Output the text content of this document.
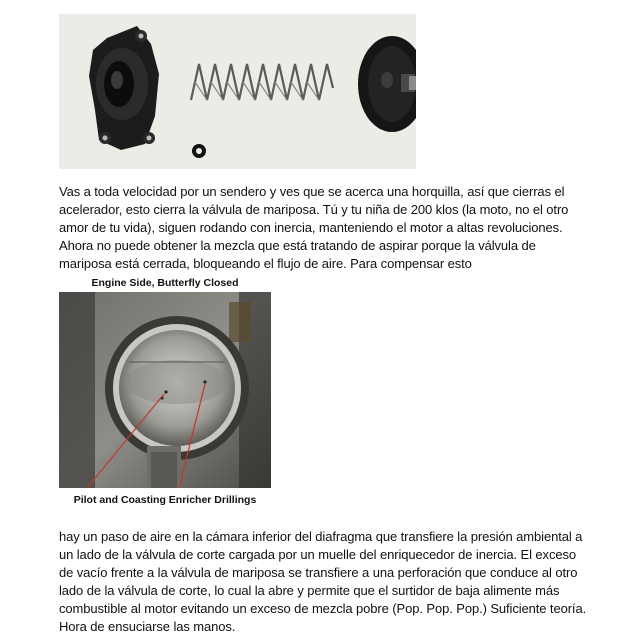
Vas a toda velocidad por un sendero y ves que se acerca una horquilla, así que cierras el acelerador, esto cierra la válvula de mariposa. Tú y tu niña de 200 klos (la moto, no el otro amor de tu vida), siguen rodando con inercia, manteniendo el motor a altas revoluciones. Ahora no puede obtener la mezcla que está tratando de aspirar porque la válvula de mariposa está cerrada, bloqueando el flujo de aire. Para compensar esto

Engine Side, Butterfly Closed
Pilot and Coasting Enricher Drillings

hay un paso de aire en la cámara inferior del diafragma que transfiere la presión ambiental a un lado de la válvula de corte cargada por un muelle del enriquecedor de inercia. El exceso de vacío frente a la válvula de mariposa se transfiere a una perforación que conduce al otro lado de la válvula de corte, lo cual la abre y permite que el surtidor de baja alimente más combustible al motor evitando un exceso de mezcla pobre (Pop. Pop. Pop.) Suficiente teoría. Hora de ensuciarse las manos.
